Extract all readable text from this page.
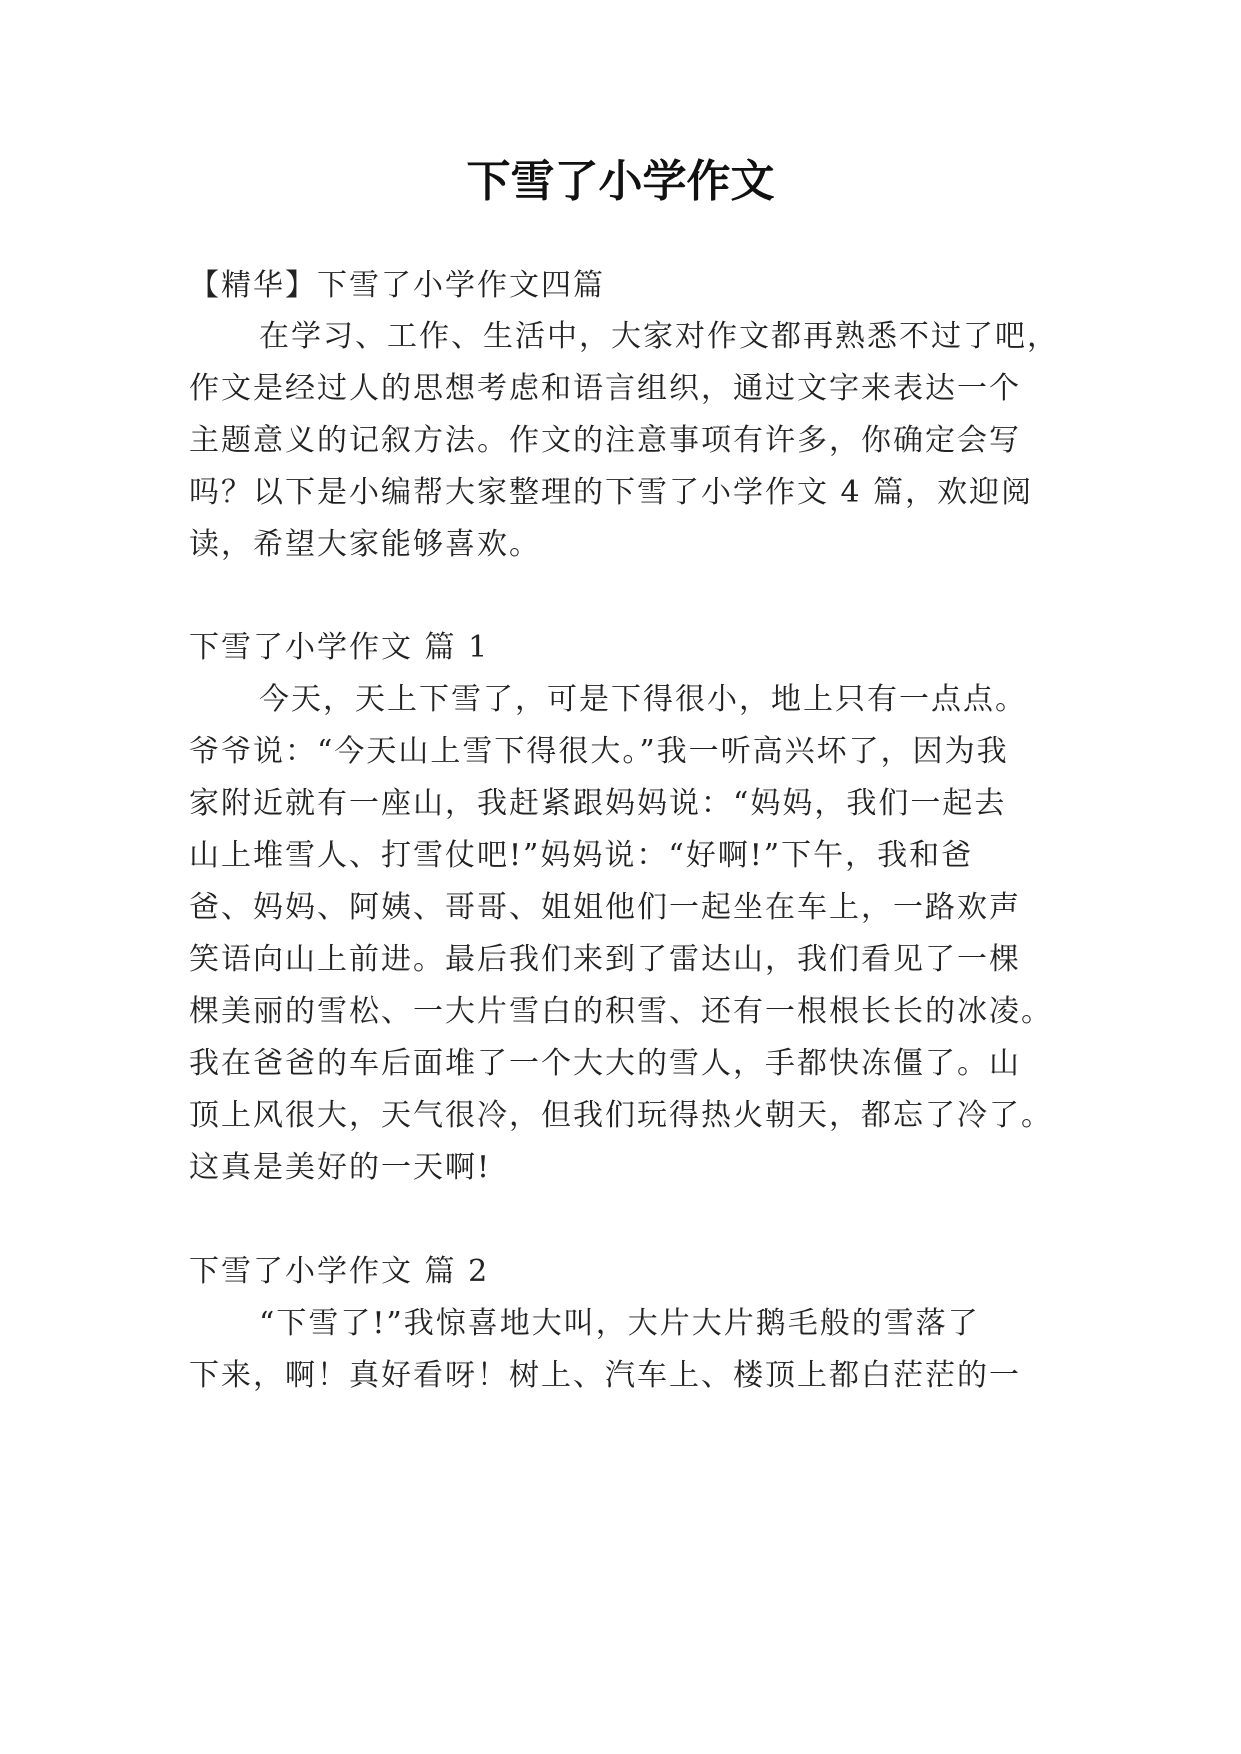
下雪了小学作文
【精华】下雪了小学作文四篇
在学习、工作、生活中，大家对作文都再熟悉不过了吧，
作文是经过人的思想考虑和语言组织，通过文字来表达一个
主题意义的记叙方法。作文的注意事项有许多，你确定会写
吗？以下是小编帮大家整理的下雪了小学作文 4 篇，欢迎阅
读，希望大家能够喜欢。
下雪了小学作文 篇 1
今天，天上下雪了，可是下得很小，地上只有一点点。
爷爷说：“今天山上雪下得很大。”我一听高兴坏了，因为我
家附近就有一座山，我赶紧跟妈妈说：“妈妈，我们一起去
山上堆雪人、打雪仗吧!”妈妈说：“好啊!”下午，我和爸
爸、妈妈、阿姨、哥哥、姐姐他们一起坐在车上，一路欢声
笑语向山上前进。最后我们来到了雷达山，我们看见了一棵
棵美丽的雪松、一大片雪白的积雪、还有一根根长长的冰凌。
我在爸爸的车后面堆了一个大大的雪人，手都快冻僵了。山
顶上风很大，天气很冷，但我们玩得热火朝天，都忘了冷了。
这真是美好的一天啊!
下雪了小学作文 篇 2
“下雪了!”我惊喜地大叫，大片大片鹅毛般的雪落了
下来，啊！真好看呀！树上、汽车上、楼顶上都白茫茫的一
